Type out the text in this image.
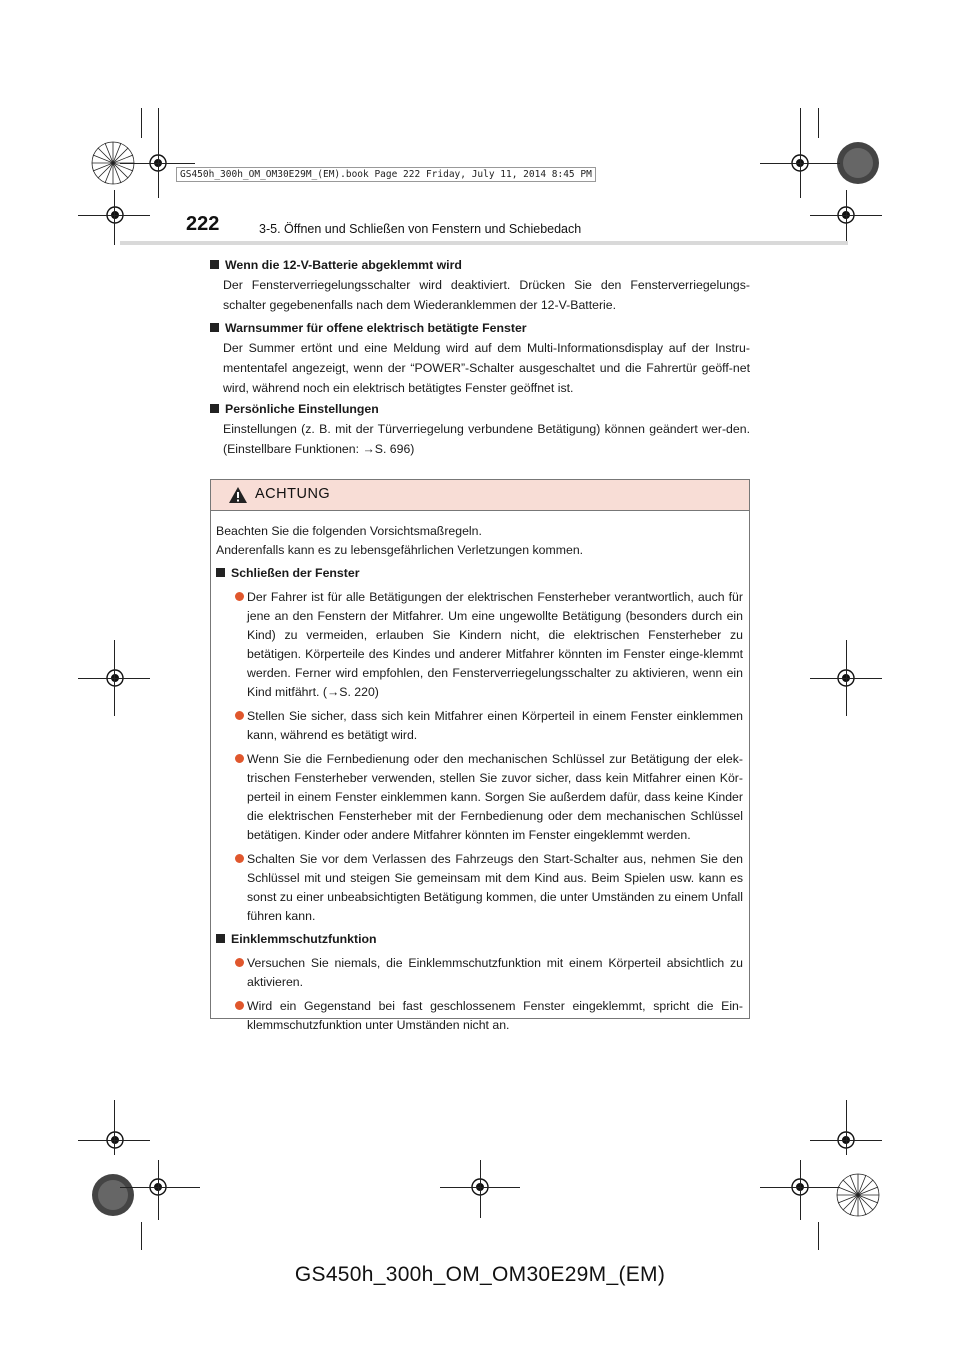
GS450h_300h_OM_OM30E29M_(EM).book Page 222 Friday, July 11, 2014 8:45 PM
222	3-5. Öffnen und Schließen von Fenstern und Schiebedach
Wenn die 12-V-Batterie abgeklemmt wird
Der Fensterverriegelungsschalter wird deaktiviert. Drücken Sie den Fensterverriegelungs-schalter gegebenenfalls nach dem Wiederanklemmen der 12-V-Batterie.
Warnsummer für offene elektrisch betätigte Fenster
Der Summer ertönt und eine Meldung wird auf dem Multi-Informationsdisplay auf der Instru-mententafel angezeigt, wenn der “POWER”-Schalter ausgeschaltet und die Fahrertür geöff-net wird, während noch ein elektrisch betätigtes Fenster geöffnet ist.
Persönliche Einstellungen
Einstellungen (z. B. mit der Türverriegelung verbundene Betätigung) können geändert wer-den. (Einstellbare Funktionen: →S. 696)
ACHTUNG
Beachten Sie die folgenden Vorsichtsmaßregeln.
Anderenfalls kann es zu lebensgefährlichen Verletzungen kommen.
Schließen der Fenster
Der Fahrer ist für alle Betätigungen der elektrischen Fensterheber verantwortlich, auch für jene an den Fenstern der Mitfahrer. Um eine ungewollte Betätigung (besonders durch ein Kind) zu vermeiden, erlauben Sie Kindern nicht, die elektrischen Fensterheber zu betätigen. Körperteile des Kindes und anderer Mitfahrer könnten im Fenster einge-klemmt werden. Ferner wird empfohlen, den Fensterverriegelungsschalter zu aktivieren, wenn ein Kind mitfährt. (→S. 220)
Stellen Sie sicher, dass sich kein Mitfahrer einen Körperteil in einem Fenster einklemmen kann, während es betätigt wird.
Wenn Sie die Fernbedienung oder den mechanischen Schlüssel zur Betätigung der elek-trischen Fensterheber verwenden, stellen Sie zuvor sicher, dass kein Mitfahrer einen Kör-perteil in einem Fenster einklemmen kann. Sorgen Sie außerdem dafür, dass keine Kinder die elektrischen Fensterheber mit der Fernbedienung oder dem mechanischen Schlüssel betätigen. Kinder oder andere Mitfahrer könnten im Fenster eingeklemmt werden.
Schalten Sie vor dem Verlassen des Fahrzeugs den Start-Schalter aus, nehmen Sie den Schlüssel mit und steigen Sie gemeinsam mit dem Kind aus. Beim Spielen usw. kann es sonst zu einer unbeabsichtigten Betätigung kommen, die unter Umständen zu einem Unfall führen kann.
Einklemmschutzfunktion
Versuchen Sie niemals, die Einklemmschutzfunktion mit einem Körperteil absichtlich zu aktivieren.
Wird ein Gegenstand bei fast geschlossenem Fenster eingeklemmt, spricht die Ein-klemmschutzfunktion unter Umständen nicht an.
GS450h_300h_OM_OM30E29M_(EM)
